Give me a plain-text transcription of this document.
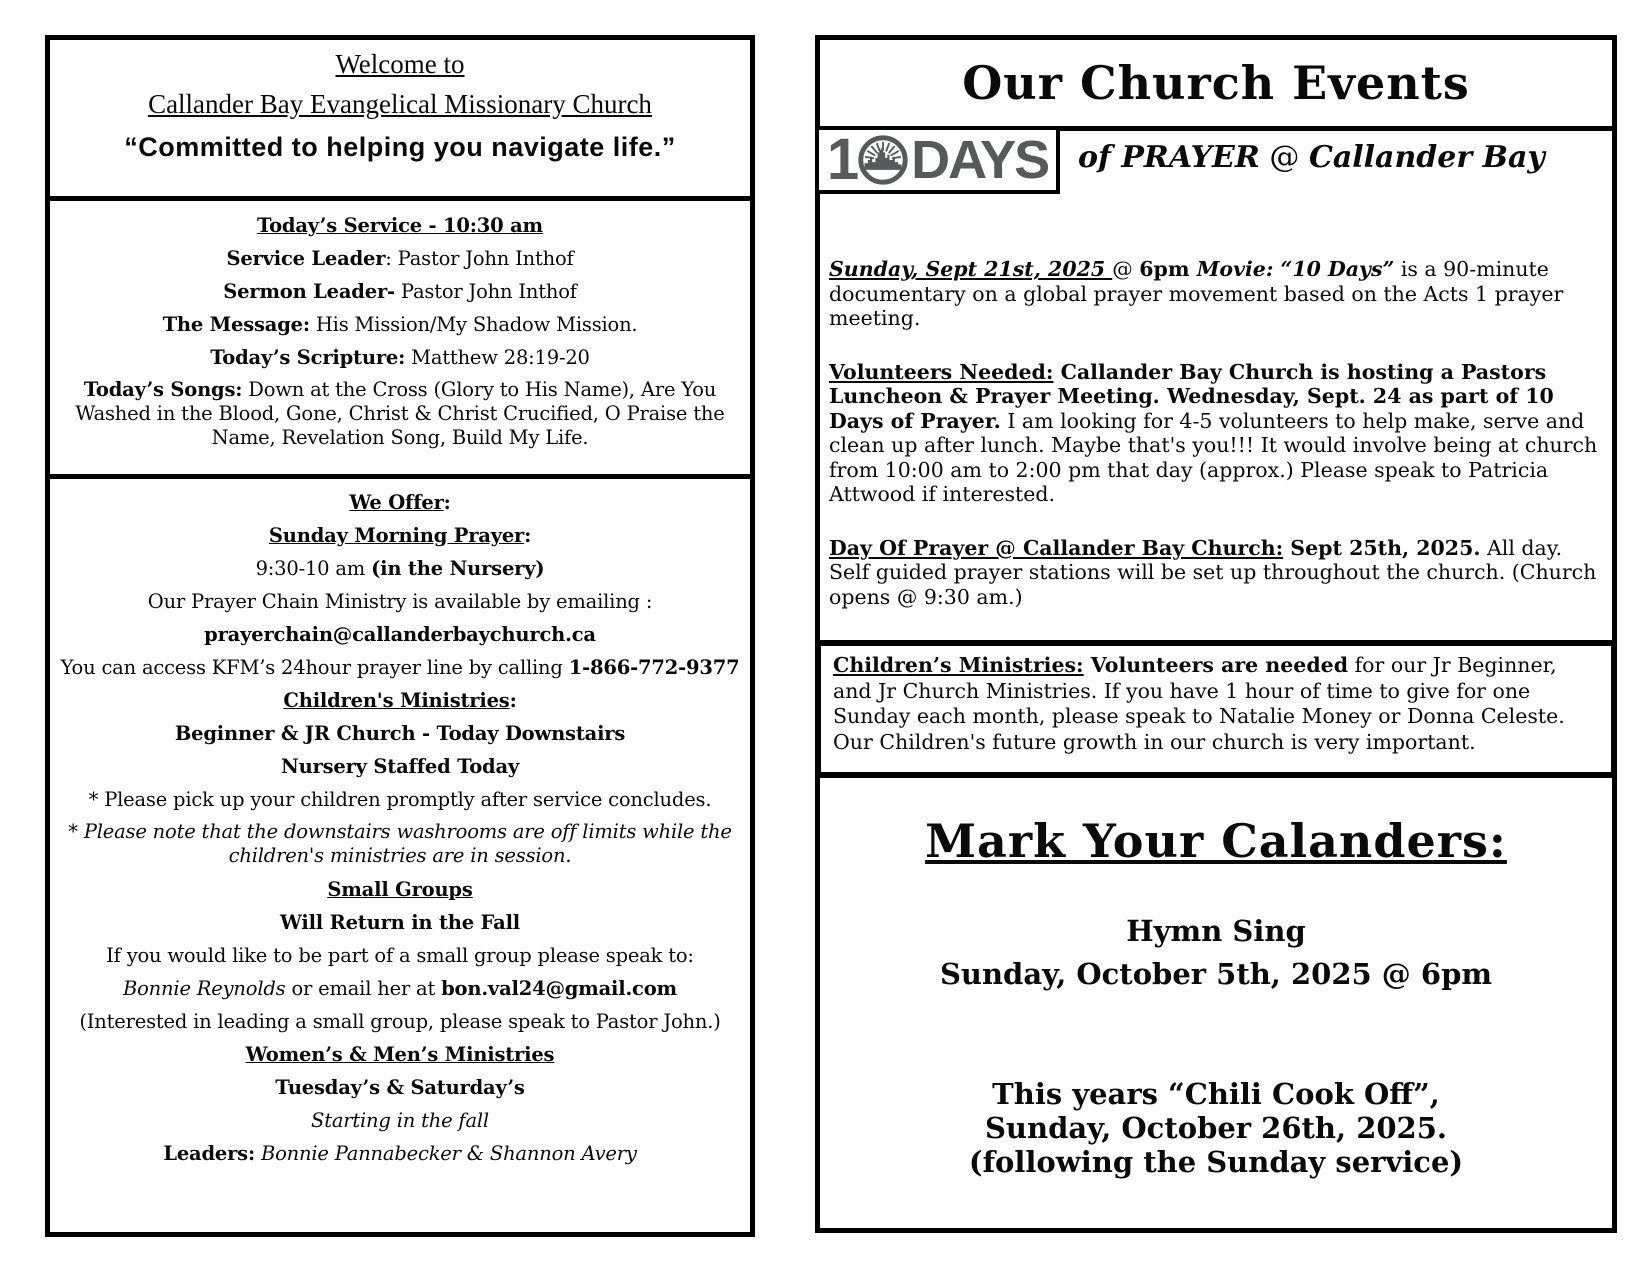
Welcome to
Callander Bay Evangelical Missionary Church
“Committed to helping you navigate life.”
Today’s Service - 10:30 am
Service Leader: Pastor John Inthof
Sermon Leader- Pastor John Inthof
The Message: His Mission/My Shadow Mission.
Today’s Scripture: Matthew 28:19-20
Today’s Songs: Down at the Cross (Glory to His Name), Are You Washed in the Blood, Gone, Christ & Christ Crucified, O Praise the Name, Revelation Song, Build My Life.
We Offer:
Sunday Morning Prayer:
9:30-10 am (in the Nursery)
Our Prayer Chain Ministry is available by emailing :
prayerchain@callanderbaychurch.ca
You can access KFM’s 24hour prayer line by calling 1-866-772-9377
Children's Ministries:
Beginner & JR Church - Today Downstairs
Nursery Staffed Today
* Please pick up your children promptly after service concludes.
* Please note that the downstairs washrooms are off limits while the children's ministries are in session.
Small Groups
Will Return in the Fall
If you would like to be part of a small group please speak to:
Bonnie Reynolds or email her at bon.val24@gmail.com
(Interested in leading a small group, please speak to Pastor John.)
Women’s & Men’s Ministries
Tuesday’s & Saturday’s
Starting in the fall
Leaders: Bonnie Pannabecker & Shannon Avery
Our Church Events
1 DAYS of PRAYER @ Callander Bay

Sunday, Sept 21st, 2025 @ 6pm Movie: “10 Days” is a 90-minute documentary on a global prayer movement based on the Acts 1 prayer meeting.

Volunteers Needed: Callander Bay Church is hosting a Pastors Luncheon & Prayer Meeting. Wednesday, Sept. 24 as part of 10 Days of Prayer. I am looking for 4-5 volunteers to help make, serve and clean up after lunch. Maybe that's you!!! It would involve being at church from 10:00 am to 2:00 pm that day (approx.) Please speak to Patricia Attwood if interested.

Day Of Prayer @ Callander Bay Church: Sept 25th, 2025. All day. Self guided prayer stations will be set up throughout the church. (Church opens @ 9:30 am.)

Children’s Ministries: Volunteers are needed for our Jr Beginner, and Jr Church Ministries. If you have 1 hour of time to give for one Sunday each month, please speak to Natalie Money or Donna Celeste. Our Children's future growth in our church is very important.
Mark Your Calanders:
Hymn Sing
Sunday, October 5th, 2025 @ 6pm
This years “Chili Cook Off”,
Sunday, October 26th, 2025.
(following the Sunday service)
